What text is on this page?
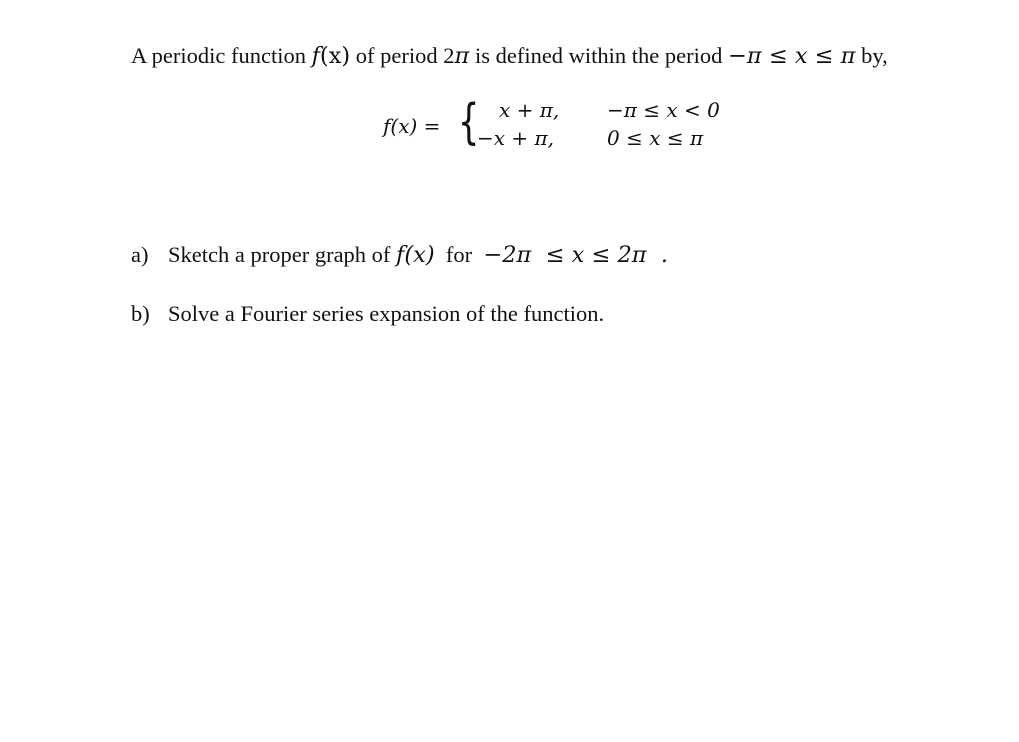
A periodic function f(x) of period 2π is defined within the period −π ≤ x ≤ π by,
f(x) = { x + π, −π ≤ x < 0
−x + π,	0 ≤ x ≤ π
a) Sketch a proper graph of f(x)  for  −2π  ≤ x ≤ 2π  .
b) Solve a Fourier series expansion of the function.
